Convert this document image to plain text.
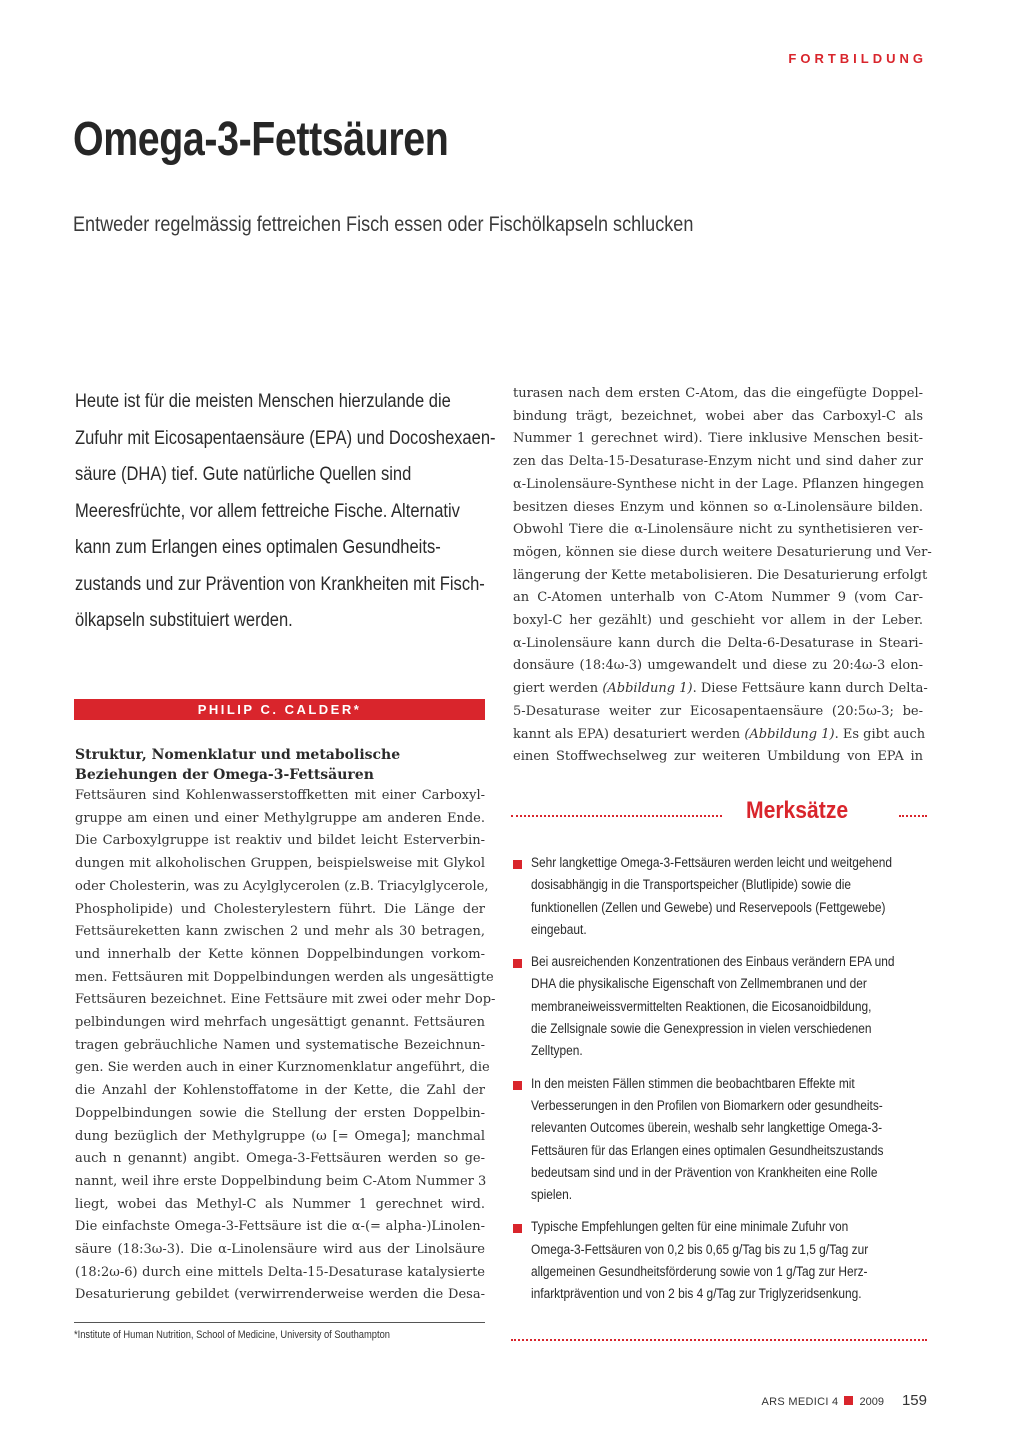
FORTBILDUNG
Omega-3-Fettsäuren

Entweder regelmässig fettreichen Fisch essen oder Fischölkapseln schlucken

Heute ist für die meisten Menschen hierzulande die
Zufuhr mit Eicosapentaensäure (EPA) und Docoshexaen-
säure (DHA) tief. Gute natürliche Quellen sind
Meeresfrüchte, vor allem fettreiche Fische. Alternativ
kann zum Erlangen eines optimalen Gesundheits-
zustands und zur Prävention von Krankheiten mit Fisch-
ölkapseln substituiert werden.
PHILIP C. CALDER*
Struktur, Nomenklatur und metabolische
Beziehungen der Omega-3-Fettsäuren
Fettsäuren sind Kohlenwasserstoffketten mit einer Carboxyl-
gruppe am einen und einer Methylgruppe am anderen Ende.
Die Carboxylgruppe ist reaktiv und bildet leicht Esterverbin-
dungen mit alkoholischen Gruppen, beispielsweise mit Glykol
oder Cholesterin, was zu Acylglycerolen (z.B. Triacylglycerole,
Phospholipide) und Cholesterylestern führt. Die Länge der
Fettsäureketten kann zwischen 2 und mehr als 30 betragen,
und innerhalb der Kette können Doppelbindungen vorkom-
men. Fettsäuren mit Doppelbindungen werden als ungesättigte
Fettsäuren bezeichnet. Eine Fettsäure mit zwei oder mehr Dop-
pelbindungen wird mehrfach ungesättigt genannt. Fettsäuren
tragen gebräuchliche Namen und systematische Bezeichnun-
gen. Sie werden auch in einer Kurznomenklatur angeführt, die
die Anzahl der Kohlenstoffatome in der Kette, die Zahl der
Doppelbindungen sowie die Stellung der ersten Doppelbin-
dung bezüglich der Methylgruppe (ω [= Omega]; manchmal
auch n genannt) angibt. Omega-3-Fettsäuren werden so ge-
nannt, weil ihre erste Doppelbindung beim C-Atom Nummer 3
liegt, wobei das Methyl-C als Nummer 1 gerechnet wird.
Die einfachste Omega-3-Fettsäure ist die α-(= alpha-)Linolen-
säure (18:3ω-3). Die α-Linolensäure wird aus der Linolsäure
(18:2ω-6) durch eine mittels Delta-15-Desaturase katalysierte
Desaturierung gebildet (verwirrenderweise werden die Desa-
turasen nach dem ersten C-Atom, das die eingefügte Doppel-
bindung trägt, bezeichnet, wobei aber das Carboxyl-C als
Nummer 1 gerechnet wird). Tiere inklusive Menschen besit-
zen das Delta-15-Desaturase-Enzym nicht und sind daher zur
α-Linolensäure-Synthese nicht in der Lage. Pflanzen hingegen
besitzen dieses Enzym und können so α-Linolensäure bilden.
Obwohl Tiere die α-Linolensäure nicht zu synthetisieren ver-
mögen, können sie diese durch weitere Desaturierung und Ver-
längerung der Kette metabolisieren. Die Desaturierung erfolgt
an C-Atomen unterhalb von C-Atom Nummer 9 (vom Car-
boxyl-C her gezählt) und geschieht vor allem in der Leber.
α-Linolensäure kann durch die Delta-6-Desaturase in Steari-
donsäure (18:4ω-3) umgewandelt und diese zu 20:4ω-3 elon-
giert werden (Abbildung 1). Diese Fettsäure kann durch Delta-
5-Desaturase weiter zur Eicosapentaensäure (20:5ω-3; be-
kannt als EPA) desaturiert werden (Abbildung 1). Es gibt auch
einen Stoffwechselweg zur weiteren Umbildung von EPA in
Merksätze
Sehr langkettige Omega-3-Fettsäuren werden leicht und weitgehend
dosisabhängig in die Transportspeicher (Blutlipide) sowie die
funktionellen (Zellen und Gewebe) und Reservepools (Fettgewebe)
eingebaut.
Bei ausreichenden Konzentrationen des Einbaus verändern EPA und
DHA die physikalische Eigenschaft von Zellmembranen und der
membraneiweissvermittelten Reaktionen, die Eicosanoidbildung,
die Zellsignale sowie die Genexpression in vielen verschiedenen
Zelltypen.
In den meisten Fällen stimmen die beobachtbaren Effekte mit
Verbesserungen in den Profilen von Biomarkern oder gesundheits-
relevanten Outcomes überein, weshalb sehr langkettige Omega-3-
Fettsäuren für das Erlangen eines optimalen Gesundheitszustands
bedeutsam sind und in der Prävention von Krankheiten eine Rolle
spielen.
Typische Empfehlungen gelten für eine minimale Zufuhr von
Omega-3-Fettsäuren von 0,2 bis 0,65 g/Tag bis zu 1,5 g/Tag zur
allgemeinen Gesundheitsförderung sowie von 1 g/Tag zur Herz-
infarktprävention und von 2 bis 4 g/Tag zur Triglyzeridsenkung.
*Institute of Human Nutrition, School of Medicine, University of Southampton
ARS MEDICI 4 2009 159
